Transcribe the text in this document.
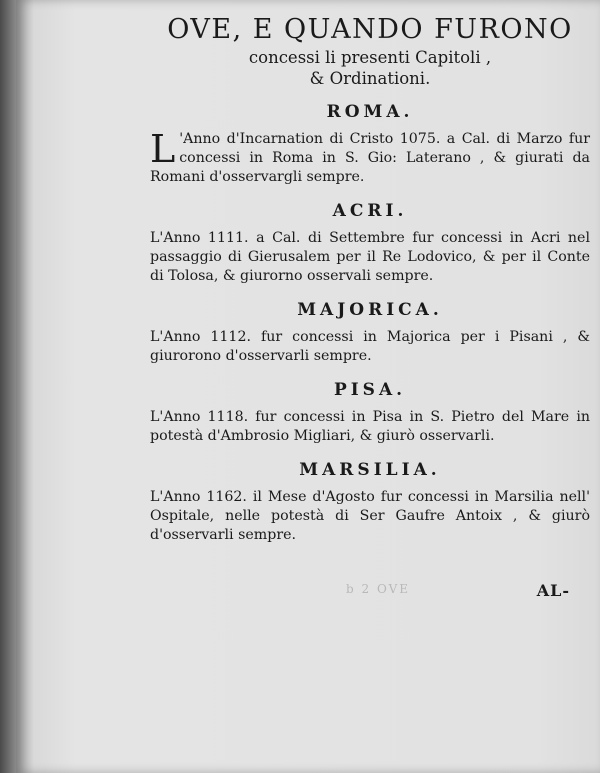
b 2 OVE
OVE, E QUANDO FURONO

concessi li presenti Capitoli ,

& Ordinationi.

ROMA.

L 'Anno d'Incarnation di Cristo 1075. a Cal. di Marzo fur concessi in Roma in S. Gio: Laterano , & giurati da Romani d'osservargli sempre.

ACRI.

L'Anno 1111. a Cal. di Settembre fur concessi in Acri nel passaggio di Gierusalem per il Re Lodovico, & per il Conte di Tolosa, & giurorno osservali sempre.

MAJORICA.

L'Anno 1112. fur concessi in Majorica per i Pisani , & giurorono d'osservarli sempre.

PISA.

L'Anno 1118. fur concessi in Pisa in S. Pietro del Mare in potestà d'Ambrosio Migliari, & giurò osservarli.

MARSILIA.

L'Anno 1162. il Mese d'Agosto fur concessi in Marsilia nell' Ospitale, nelle potestà di Ser Gaufre Antoix , & giurò d'osservarli sempre.

AL-
